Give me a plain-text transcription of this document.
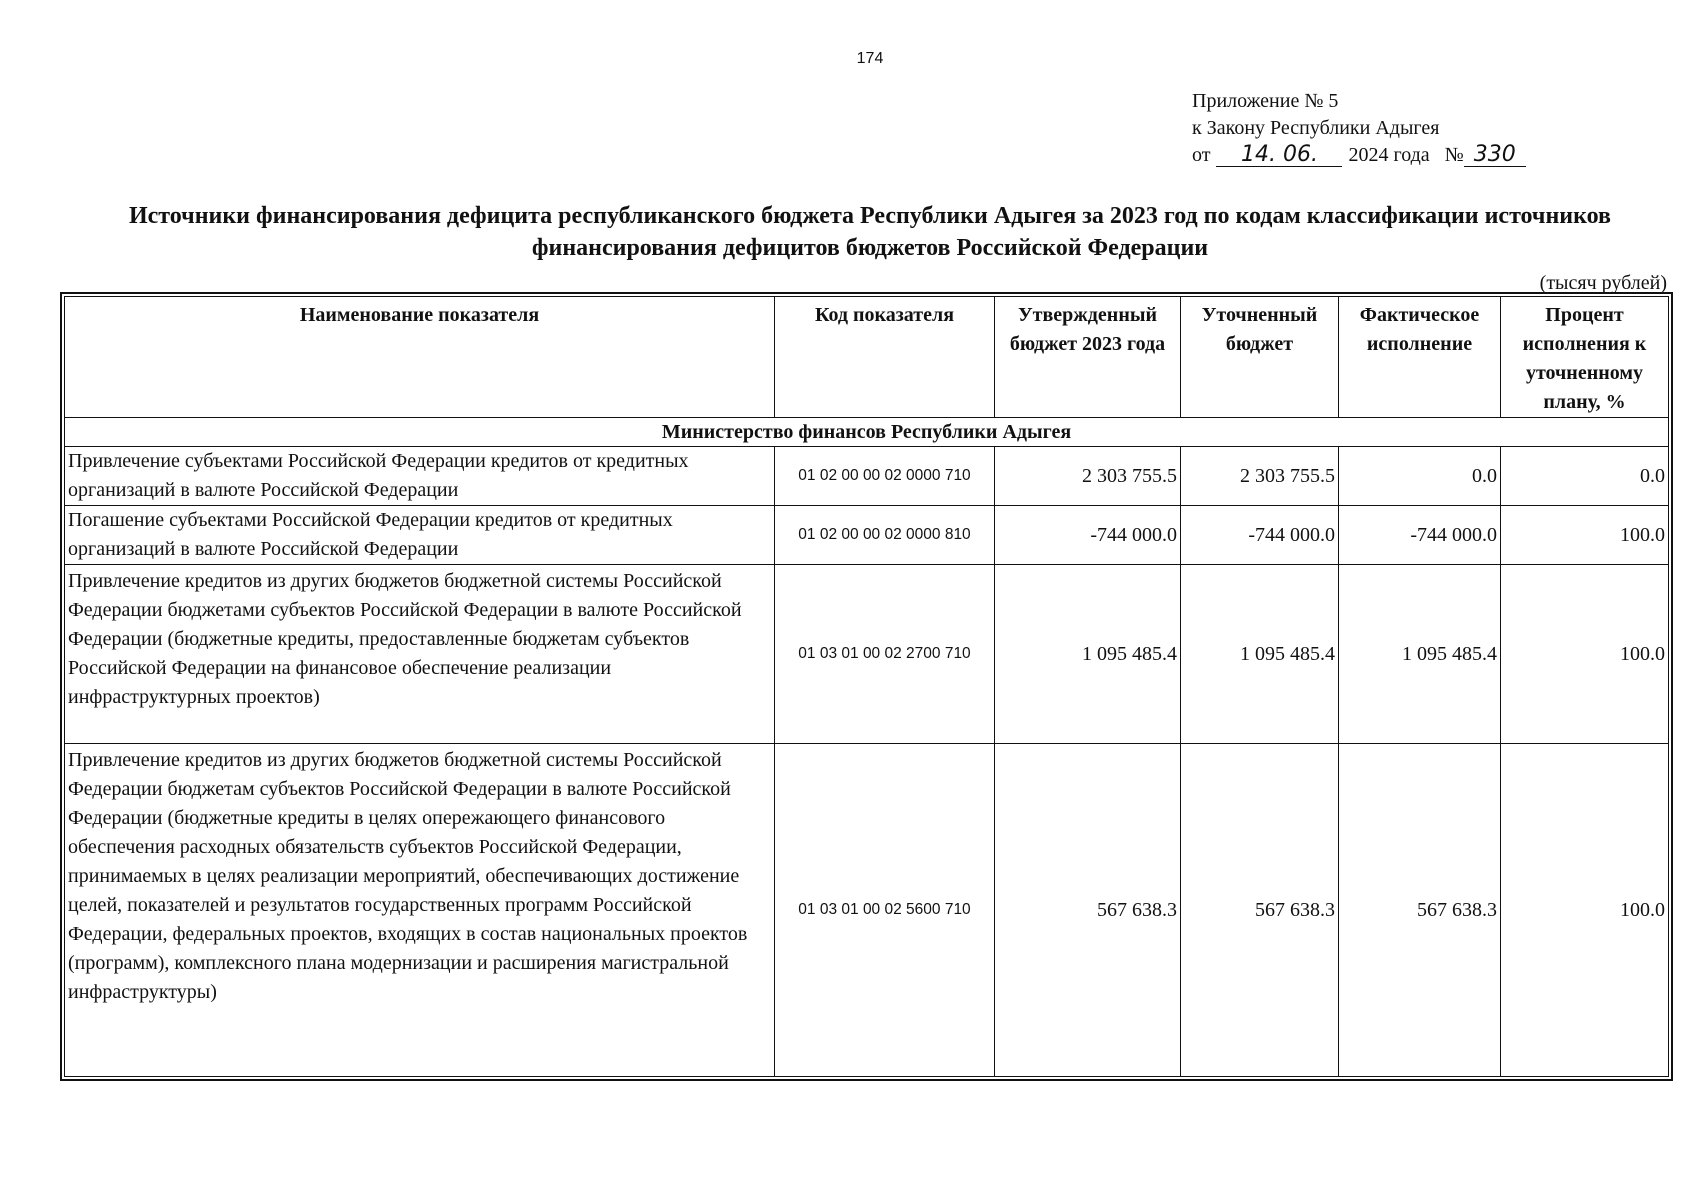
174
Приложение № 5
к Закону Республики Адыгея
от 14. 06. 2024 года № 330
Источники финансирования дефицита республиканского бюджета Республики Адыгея за 2023 год по кодам классификации источников финансирования дефицитов бюджетов Российской Федерации
(тысяч рублей)
Наименование показателя	Код показателя	Утвержденный бюджет 2023 года	Уточненный бюджет	Фактическое исполнение	Процент исполнения к уточненному плану, %
Министерство финансов Республики Адыгея					
Привлечение субъектами Российской Федерации кредитов от кредитных организаций в валюте Российской Федерации	01 02 00 00 02 0000 710	2 303 755.5	2 303 755.5	0.0	0.0
Погашение субъектами Российской Федерации кредитов от кредитных организаций в валюте Российской Федерации	01 02 00 00 02 0000 810	-744 000.0	-744 000.0	-744 000.0	100.0
Привлечение кредитов из других бюджетов бюджетной системы Российской Федерации бюджетами субъектов Российской Федерации в валюте Российской Федерации (бюджетные кредиты, предоставленные бюджетам субъектов Российской Федерации на финансовое обеспечение реализации инфраструктурных проектов)	01 03 01 00 02 2700 710	1 095 485.4	1 095 485.4	1 095 485.4	100.0
Привлечение кредитов из других бюджетов бюджетной системы Российской Федерации бюджетам субъектов Российской Федерации в валюте Российской Федерации (бюджетные кредиты в целях опережающего финансового обеспечения расходных обязательств субъектов Российской Федерации, принимаемых в целях реализации мероприятий, обеспечивающих достижение целей, показателей и результатов государственных программ Российской Федерации, федеральных проектов, входящих в состав национальных проектов (программ), комплексного плана модернизации и расширения магистральной инфраструктуры)	01 03 01 00 02 5600 710	567 638.3	567 638.3	567 638.3	100.0
